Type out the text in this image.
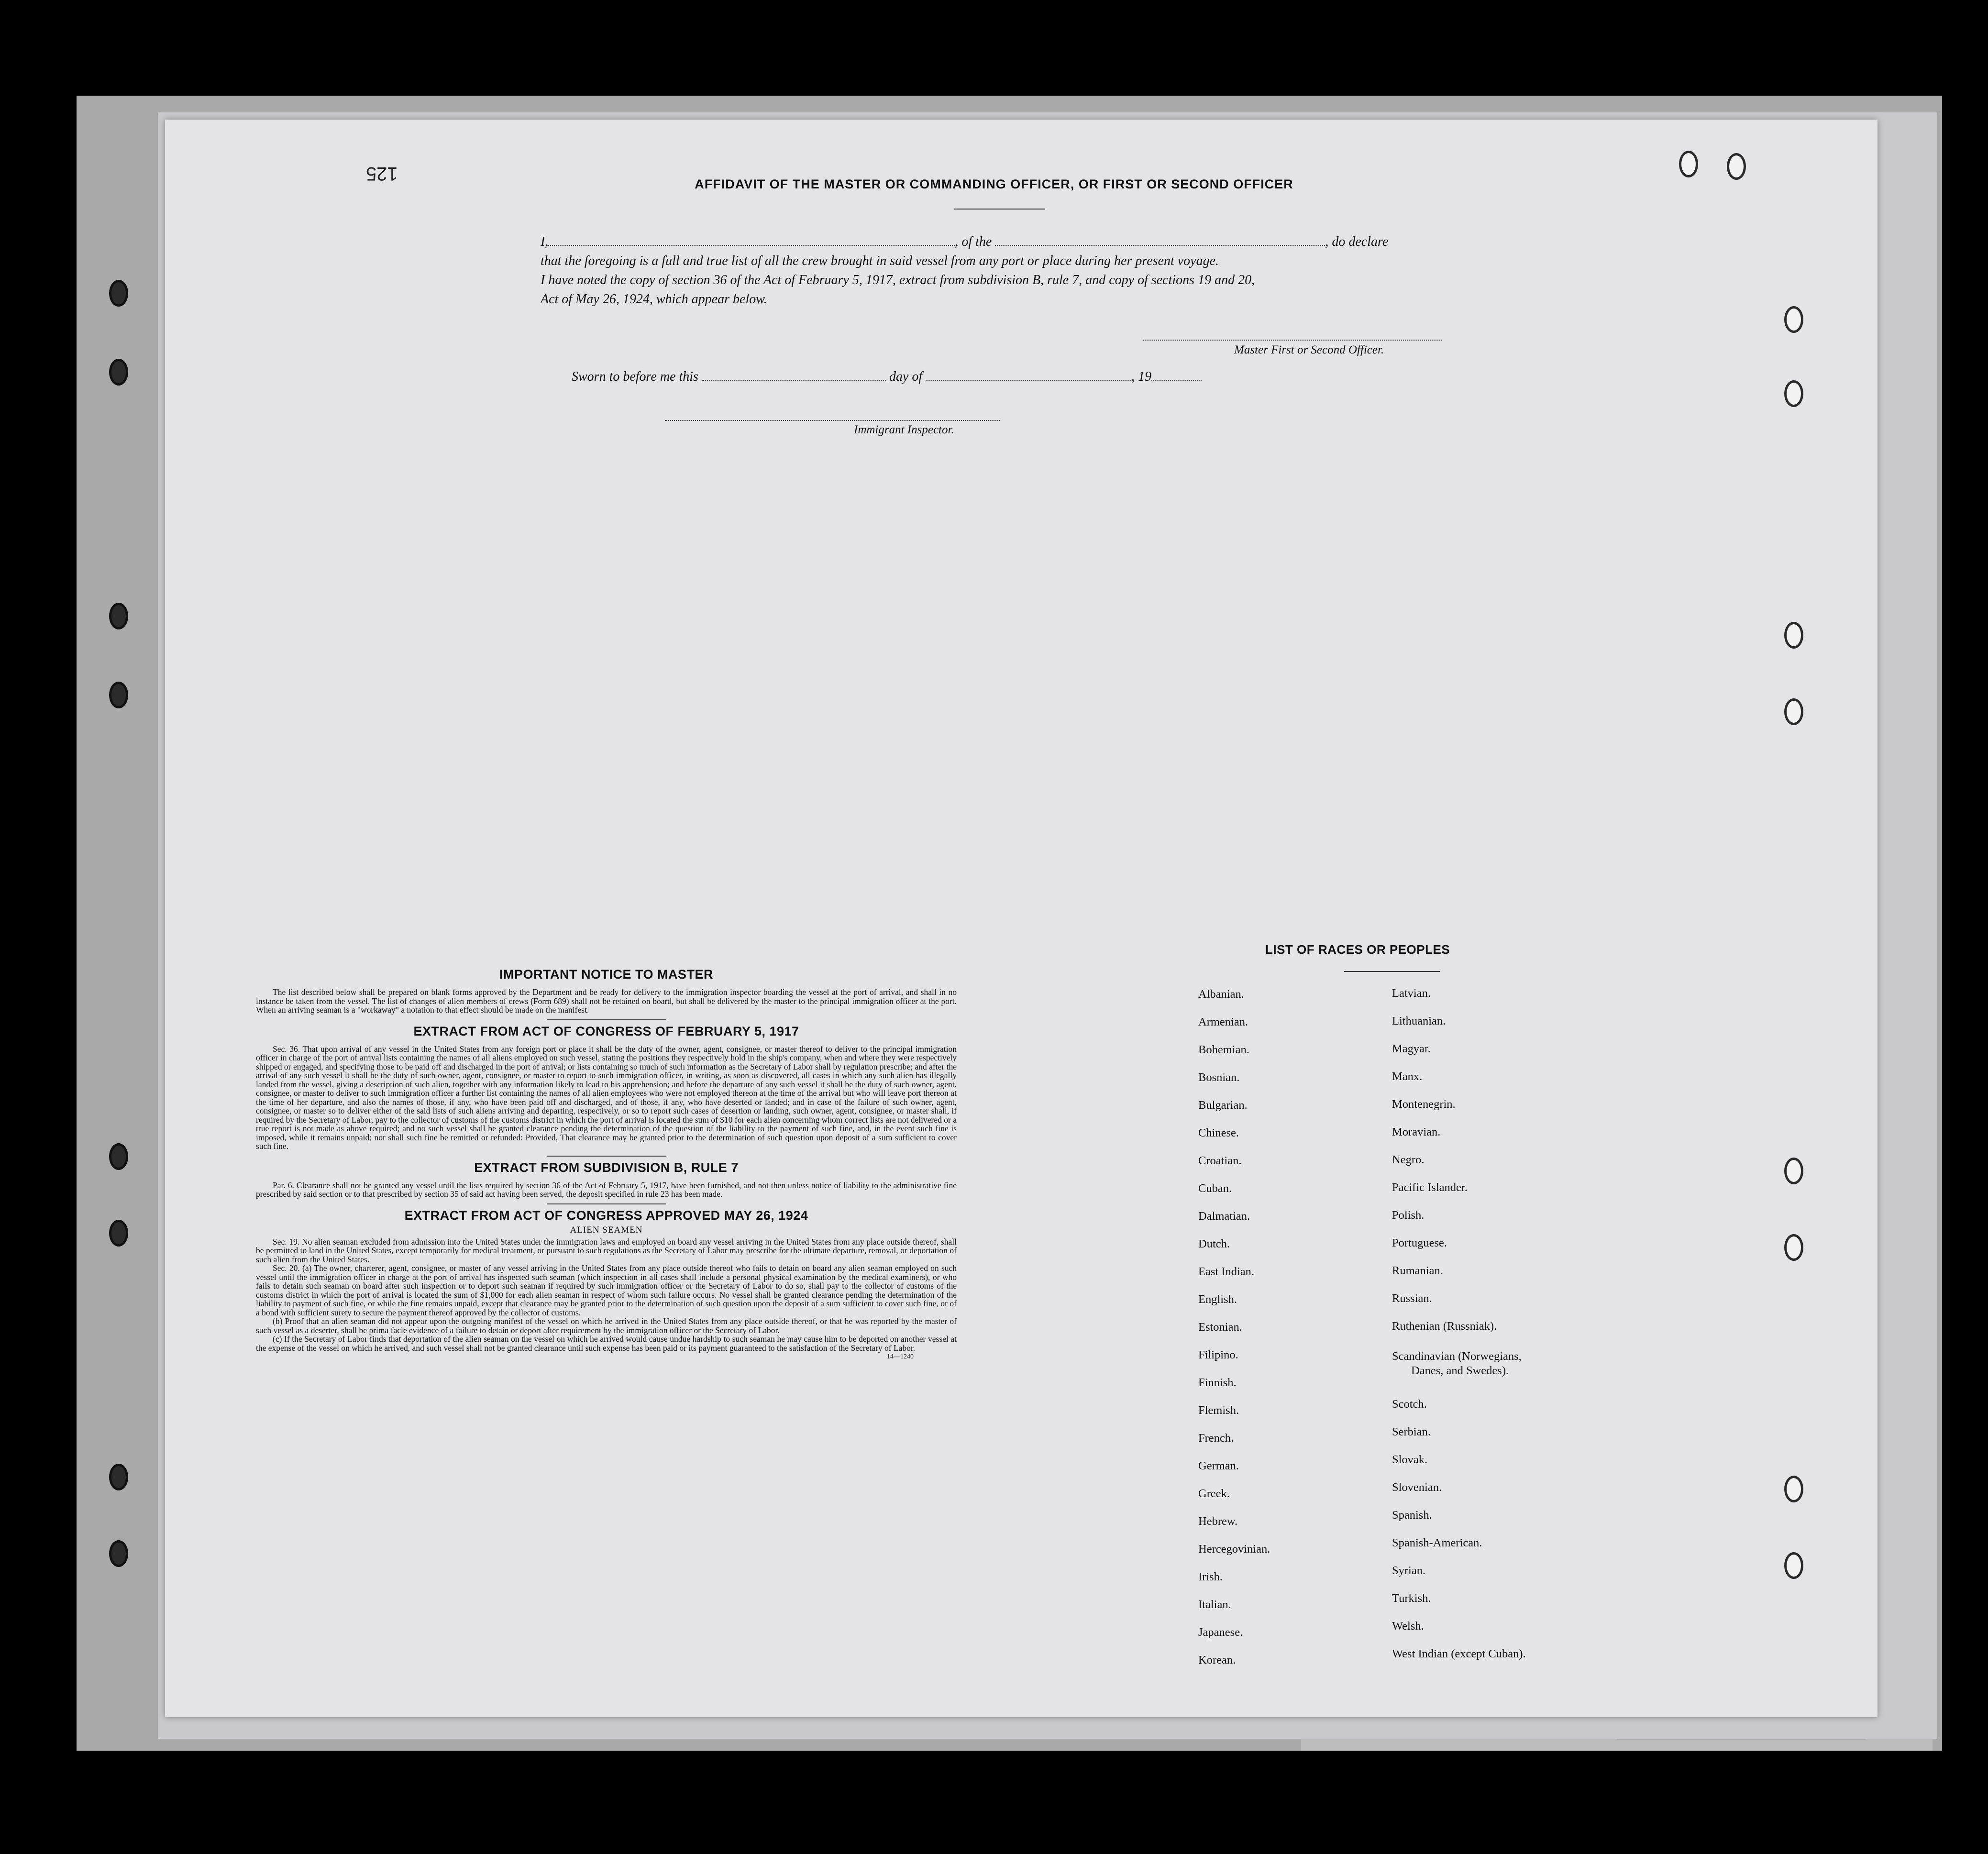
125	AFFIDAVIT OF THE MASTER OR COMMANDING OFFICER, OR FIRST OR SECOND OFFICER
I,	, of the	, do declare
that the foregoing is a full and true list of all the crew brought in said vessel from any port or place during her present voyage.
I have noted the copy of section 36 of the Act of February 5, 1917, extract from subdivision B, rule 7, and copy of sections 19 and 20,
Act of May 26, 1924, which appear below.
Master First or Second Officer.
Sworn to before me this	day of	, 19
Immigrant Inspector.
IMPORTANT NOTICE TO MASTER

The list described below shall be prepared on blank forms approved by the Department and be ready for delivery to the immigration inspector boarding the vessel at the port of arrival, and shall in no instance be taken from the vessel. The list of changes of alien members of crews (Form 689) shall not be retained on board, but shall be delivered by the master to the principal immigration officer at the port. When an arriving seaman is a "workaway" a notation to that effect should be made on the manifest.

EXTRACT FROM ACT OF CONGRESS OF FEBRUARY 5, 1917

Sec. 36. That upon arrival of any vessel in the United States from any foreign port or place it shall be the duty of the owner, agent, consignee, or master thereof to deliver to the principal immigration officer in charge of the port of arrival lists containing the names of all aliens employed on such vessel, stating the positions they respectively hold in the ship's company, when and where they were respectively shipped or engaged, and specifying those to be paid off and discharged in the port of arrival; or lists containing so much of such information as the Secretary of Labor shall by regulation prescribe; and after the arrival of any such vessel it shall be the duty of such owner, agent, consignee, or master to report to such immigration officer, in writing, as soon as discovered, all cases in which any such alien has illegally landed from the vessel, giving a description of such alien, together with any information likely to lead to his apprehension; and before the departure of any such vessel it shall be the duty of such owner, agent, consignee, or master to deliver to such immigration officer a further list containing the names of all alien employees who were not employed thereon at the time of the arrival but who will leave port thereon at the time of her departure, and also the names of those, if any, who have been paid off and discharged, and of those, if any, who have deserted or landed; and in case of the failure of such owner, agent, consignee, or master so to deliver either of the said lists of such aliens arriving and departing, respectively, or so to report such cases of desertion or landing, such owner, agent, consignee, or master shall, if required by the Secretary of Labor, pay to the collector of customs of the customs district in which the port of arrival is located the sum of $10 for each alien concerning whom correct lists are not delivered or a true report is not made as above required; and no such vessel shall be granted clearance pending the determination of the question of the liability to the payment of such fine, and, in the event such fine is imposed, while it remains unpaid; nor shall such fine be remitted or refunded: Provided, That clearance may be granted prior to the determination of such question upon deposit of a sum sufficient to cover such fine.

EXTRACT FROM SUBDIVISION B, RULE 7

Par. 6. Clearance shall not be granted any vessel until the lists required by section 36 of the Act of February 5, 1917, have been furnished, and not then unless notice of liability to the administrative fine prescribed by said section or to that prescribed by section 35 of said act having been served, the deposit specified in rule 23 has been made.

EXTRACT FROM ACT OF CONGRESS APPROVED MAY 26, 1924
ALIEN SEAMEN

Sec. 19. No alien seaman excluded from admission into the United States under the immigration laws and employed on board any vessel arriving in the United States from any place outside thereof, shall be permitted to land in the United States, except temporarily for medical treatment, or pursuant to such regulations as the Secretary of Labor may prescribe for the ultimate departure, removal, or deportation of such alien from the United States.

Sec. 20. (a) The owner, charterer, agent, consignee, or master of any vessel arriving in the United States from any place outside thereof who fails to detain on board any alien seaman employed on such vessel until the immigration officer in charge at the port of arrival has inspected such seaman (which inspection in all cases shall include a personal physical examination by the medical examiners), or who fails to detain such seaman on board after such inspection or to deport such seaman if required by such immigration officer or the Secretary of Labor to do so, shall pay to the collector of customs of the customs district in which the port of arrival is located the sum of $1,000 for each alien seaman in respect of whom such failure occurs. No vessel shall be granted clearance pending the determination of the liability to payment of such fine, or while the fine remains unpaid, except that clearance may be granted prior to the determination of such question upon the deposit of a sum sufficient to cover such fine, or of a bond with sufficient surety to secure the payment thereof approved by the collector of customs.

(b) Proof that an alien seaman did not appear upon the outgoing manifest of the vessel on which he arrived in the United States from any place outside thereof, or that he was reported by the master of such vessel as a deserter, shall be prima facie evidence of a failure to detain or deport after requirement by the immigration officer or the Secretary of Labor.

(c) If the Secretary of Labor finds that deportation of the alien seaman on the vessel on which he arrived would cause undue hardship to such seaman he may cause him to be deported on another vessel at the expense of the vessel on which he arrived, and such vessel shall not be granted clearance until such expense has been paid or its payment guaranteed to the satisfaction of the Secretary of Labor.

14—1240
LIST OF RACES OR PEOPLES
Albanian.
Armenian.
Bohemian.
Bosnian.
Bulgarian.
Chinese.
Croatian.
Cuban.
Dalmatian.
Dutch.
East Indian.
English.
Estonian.
Filipino.
Finnish.
Flemish.
French.
German.
Greek.
Hebrew.
Hercegovinian.
Irish.
Italian.
Japanese.
Korean.
Latvian.
Lithuanian.
Magyar.
Manx.
Montenegrin.
Moravian.
Negro.
Pacific Islander.
Polish.
Portuguese.
Rumanian.
Russian.
Ruthenian (Russniak).
Scandinavian (Norwegians,
Danes, and Swedes).
Scotch.
Serbian.
Slovak.
Slovenian.
Spanish.
Spanish-American.
Syrian.
Turkish.
Welsh.
West Indian (except Cuban).
